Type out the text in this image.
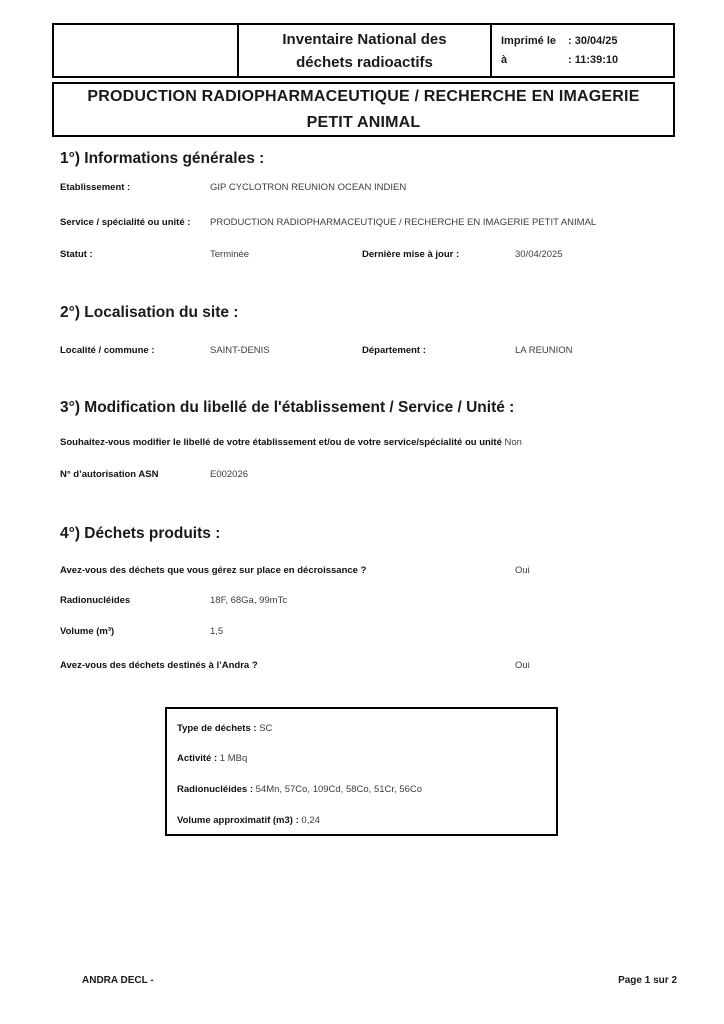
Inventaire National des
déchets radioactifs
Imprimé le	: 30/04/25
à	: 11:39:10
PRODUCTION RADIOPHARMACEUTIQUE / RECHERCHE EN IMAGERIE
PETIT ANIMAL
1°) Informations générales :
Etablissement :	GIP CYCLOTRON REUNION OCEAN INDIEN
Service / spécialité ou unité : PRODUCTION RADIOPHARMACEUTIQUE / RECHERCHE EN IMAGERIE PETIT ANIMAL
Statut :	Terminée	Dernière mise à jour :	30/04/2025
2°) Localisation du site :
Localité / commune :	SAINT-DENIS	Département :	LA REUNION
3°) Modification du libellé de l'établissement / Service / Unité :
Souhaitez-vous modifier le libellé de votre établissement et/ou de votre service/spécialité ou unité Non
N° d’autorisation ASN	E002026
4°) Déchets produits :
Avez-vous des déchets que vous gérez sur place en décroissance ?	Oui
Radionucléides	18F, 68Ga, 99mTc
Volume (m³)	1,5
Avez-vous des déchets destinés à l’Andra ?	Oui
Type de déchets : SC
Activité : 1 MBq
Radionucléides : 54Mn, 57Co, 109Cd, 58Co, 51Cr, 56Co
Volume approximatif (m3) : 0,24
ANDRA DECL -	Page 1 sur 2
